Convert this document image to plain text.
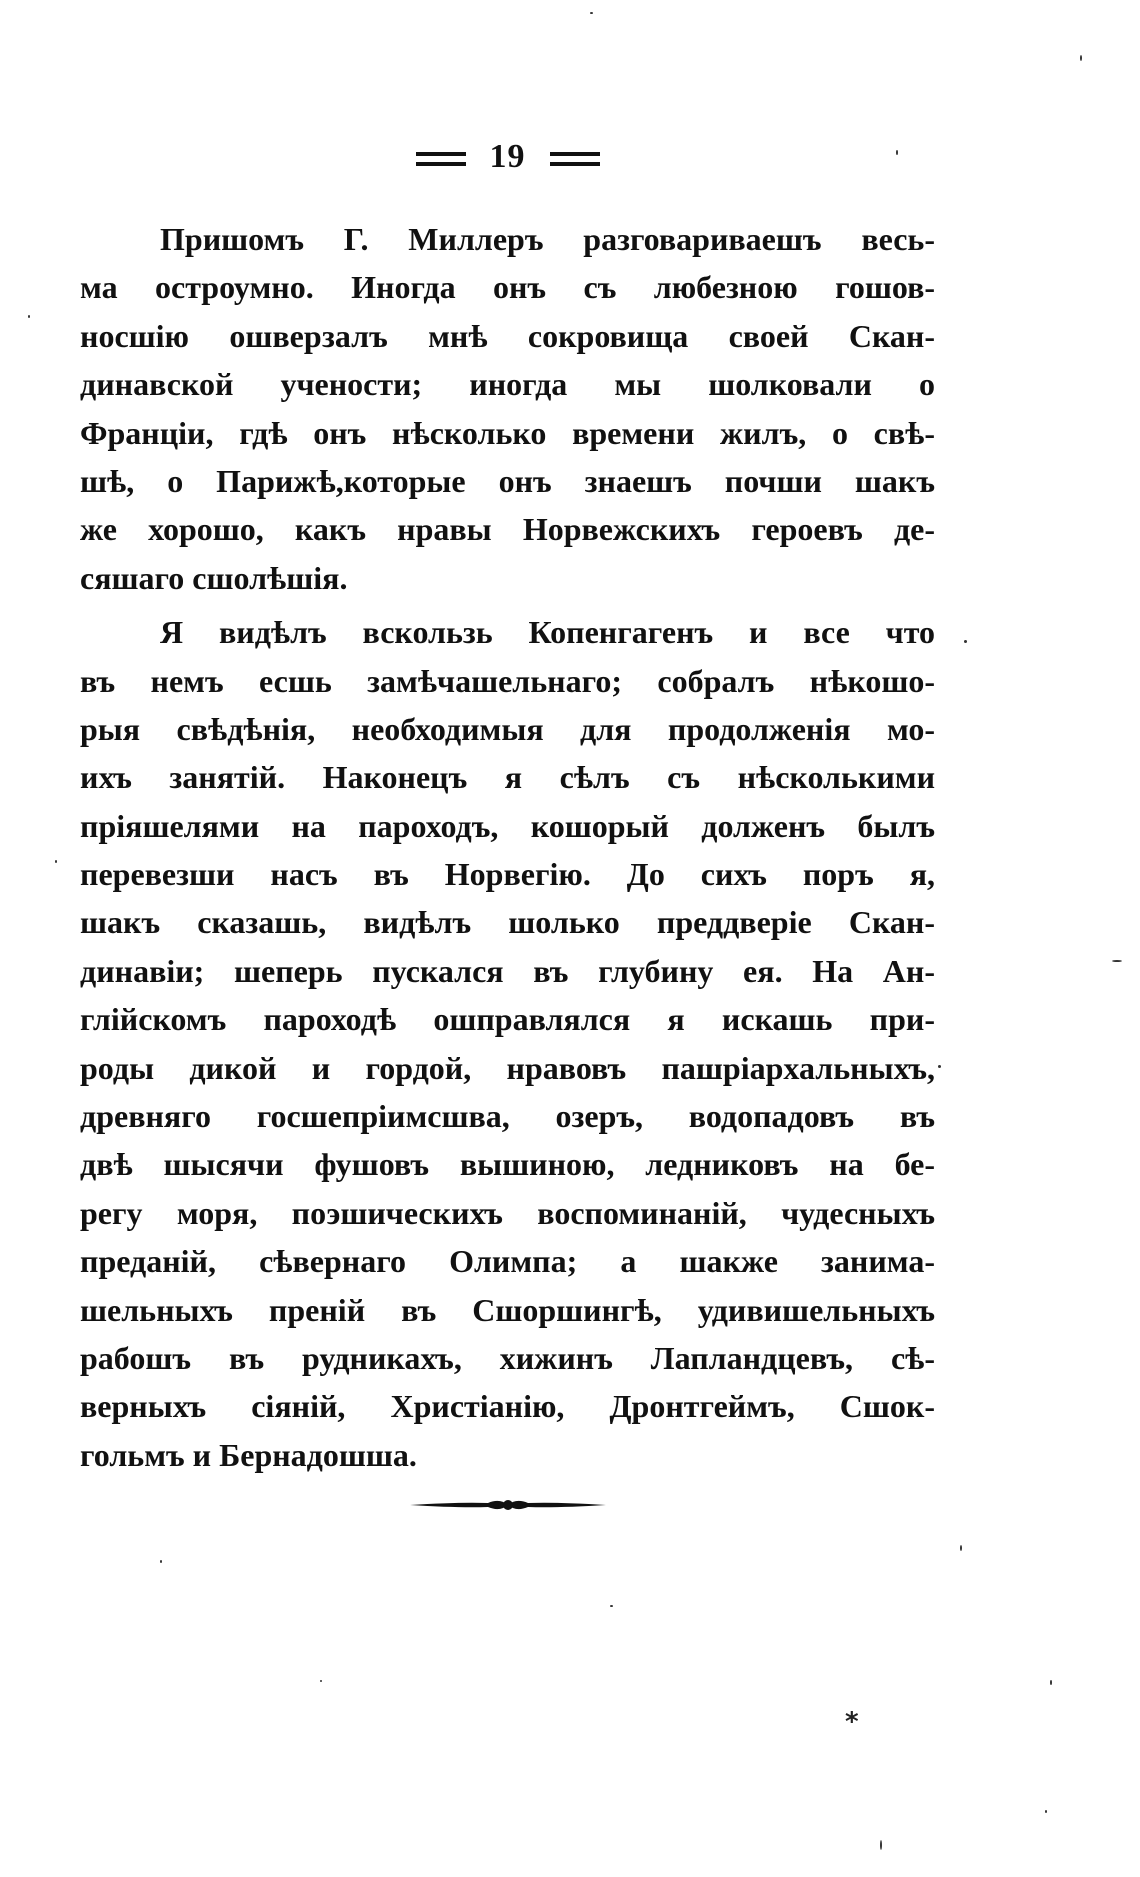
19
Пришомъ Г. Миллеръ разговариваешъ весь-
ма остроумно. Иногда онъ съ любезною гошов-
носшію ошверзалъ мнѣ сокровища своей Скан-
динавской учености; иногда мы шолковали о
Франціи, гдѣ онъ нѣсколько времени жилъ, о свѣ-
шѣ, о Парижѣ,которые онъ знаешъ почши шакъ
же хорошо, какъ нравы Норвежскихъ героевъ де-
сяшаго сшолѣшія.
Я видѣлъ вскользь Копенгагенъ и все что
въ немъ есшь замѣчашельнаго; собралъ нѣкошо-
рыя свѣдѣнія, необходимыя для продолженія мо-
ихъ занятій. Наконецъ я сѣлъ съ нѣсколькими
пріяшелями на пароходъ, кошорый долженъ былъ
перевезши насъ въ Норвегію. До сихъ поръ я,
шакъ сказашь, видѣлъ шолько преддверіе Скан-
динавіи; шеперь пускался въ глубину ея. На Ан-
глійскомъ пароходѣ ошправлялся я искашь при-
роды дикой и гордой, нравовъ пашріархальныхъ,
древняго госшепріимсшва, озеръ, водопадовъ въ
двѣ шысячи фушовъ вышиною, ледниковъ на бе-
регу моря, поэшическихъ воспоминаній, чудесныхъ
преданій, сѣвернаго Олимпа; а шакже занима-
шельныхъ преній въ Сшоршингѣ, удивишельныхъ
рабошъ въ рудникахъ, хижинъ Лапландцевъ, сѣ-
верныхъ сіяній, Христіанію, Дронтгеймъ, Сшок-
гольмъ и Бернадошша.
*
